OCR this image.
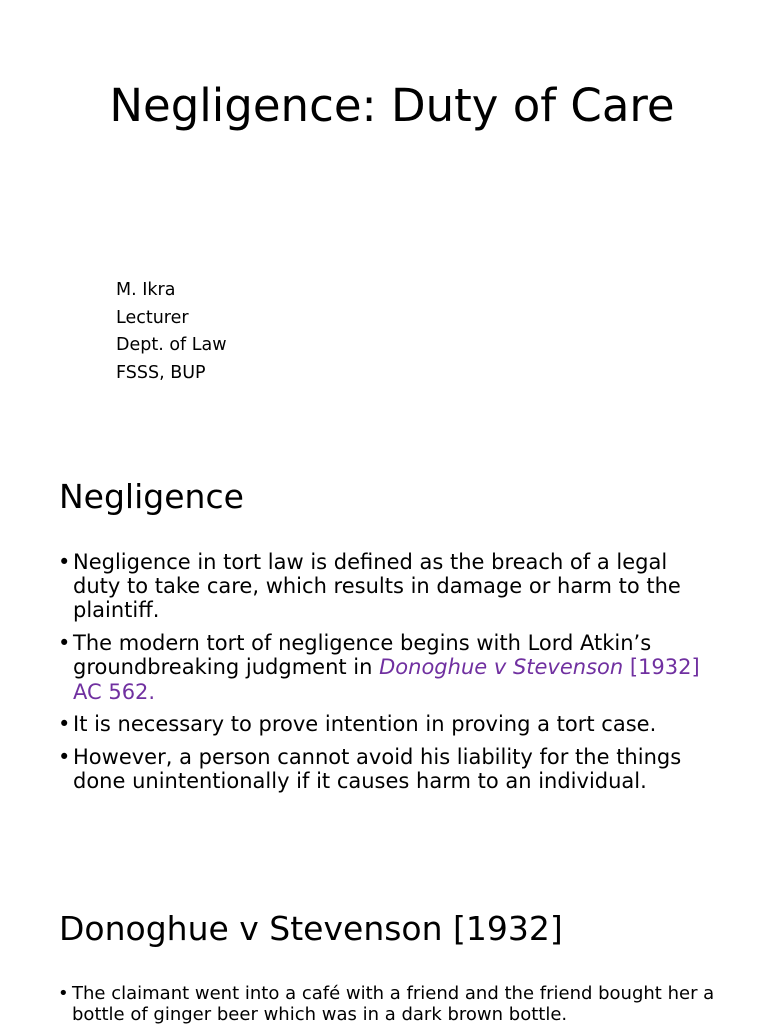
Negligence: Duty of Care
M. Ikra
Lecturer
Dept. of Law
FSSS, BUP
Negligence
• Negligence in tort law is defined as the breach of a legal duty to take care, which results in damage or harm to the plaintiff.
• The modern tort of negligence begins with Lord Atkin’s groundbreaking judgment in Donoghue v Stevenson [1932] AC 562.
• It is necessary to prove intention in proving a tort case.
• However, a person cannot avoid his liability for the things done unintentionally if it causes harm to an individual.
Donoghue v Stevenson [1932]
• The claimant went into a café with a friend and the friend bought her a bottle of ginger beer which was in a dark brown bottle.
